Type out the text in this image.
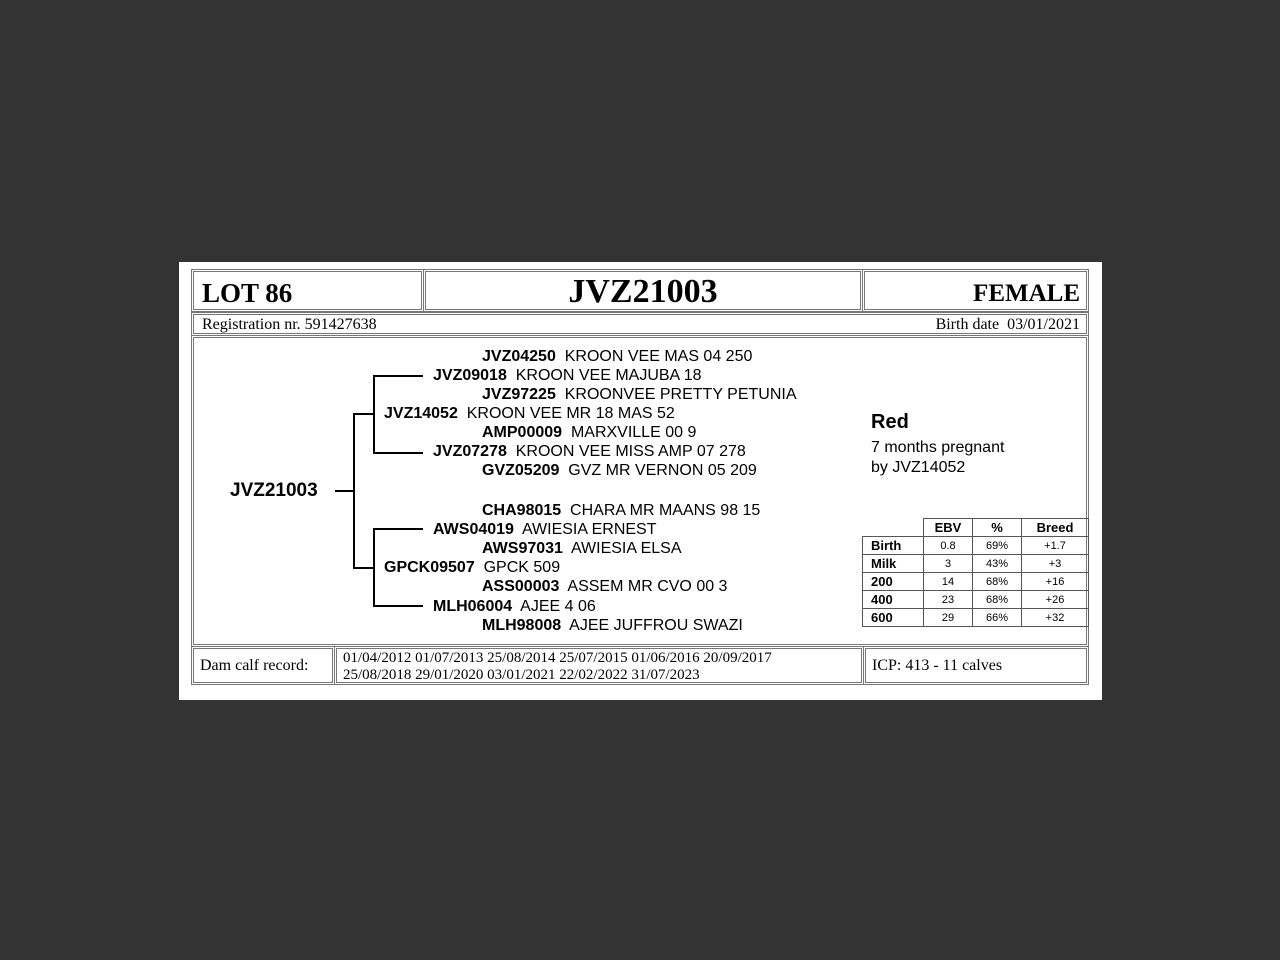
LOT 86	JVZ21003	FEMALE
Registration nr. 591427638	Birth date 03/01/2021
JVZ21003
JVZ04250 KROON VEE MAS 04 250
JVZ09018 KROON VEE MAJUBA 18
JVZ97225 KROONVEE PRETTY PETUNIA
JVZ14052 KROON VEE MR 18 MAS 52
AMP00009 MARXVILLE 00 9
JVZ07278 KROON VEE MISS AMP 07 278
GVZ05209 GVZ MR VERNON 05 209
CHA98015 CHARA MR MAANS 98 15
AWS04019 AWIESIA ERNEST
AWS97031 AWIESIA ELSA
GPCK09507 GPCK 509
ASS00003 ASSEM MR CVO 00 3
MLH06004 AJEE 4 06
MLH98008 AJEE JUFFROU SWAZI
Red
7 months pregnant
by JVZ14052
	EBV	%	Breed
Birth	0.8	69%	+1.7
Milk	3	43%	+3
200	14	68%	+16
400	23	68%	+26
600	29	66%	+32
Dam calf record: 01/04/2012 01/07/2013 25/08/2014 25/07/2015 01/06/2016 20/09/2017
25/08/2018 29/01/2020 03/01/2021 22/02/2022 31/07/2023
ICP: 413 - 11 calves
